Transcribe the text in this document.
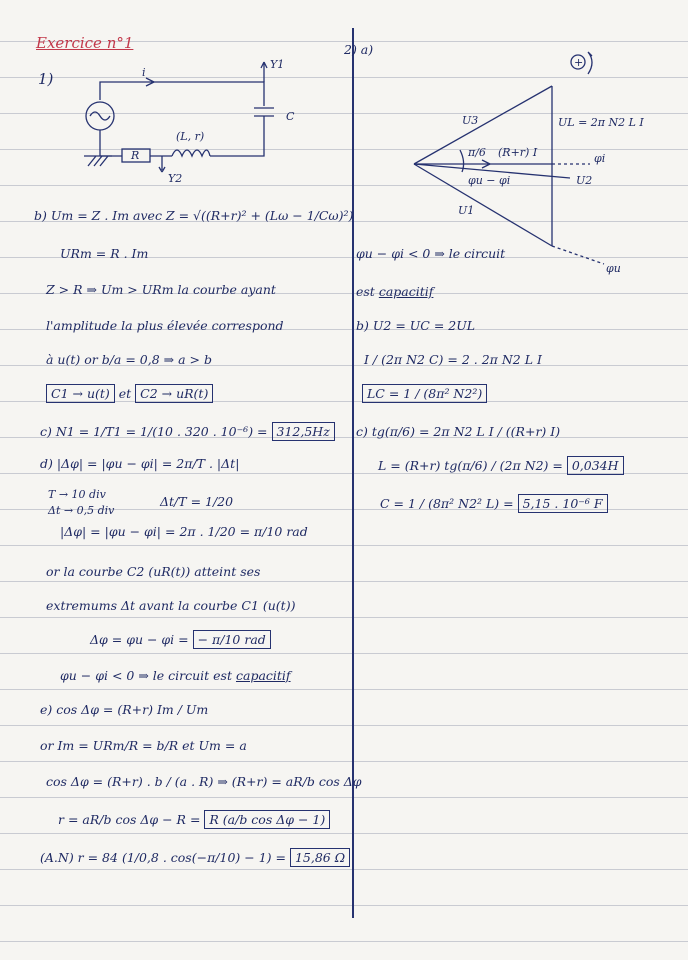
Exercice n°1
1)	i
Y1
Y2
C
R
(L, r)
b) Um = Z . Im avec Z = √((R+r)² + (Lω − 1/Cω)²)
URm = R . Im
Z > R ⇒ Um > URm la courbe ayant
l'amplitude la plus élevée correspond
à u(t) or b/a = 0,8 ⇒ a > b
C1 → u(t) et C2 → uR(t)
c) N1 = 1/T1 = 1/(10 . 320 . 10⁻⁶) = 312,5Hz
d) |Δφ| = |φu − φi| = 2π/T . |Δt|
T → 10 div
Δt → 0,5 div
Δt/T = 1/20
|Δφ| = |φu − φi| = 2π . 1/20 = π/10 rad
or la courbe C2 (uR(t)) atteint ses
extremums Δt avant la courbe C1 (u(t))
Δφ = φu − φi = − π/10 rad
φu − φi < 0 ⇒ le circuit est capacitif
e) cos Δφ = (R+r) Im / Um
or Im = URm/R = b/R et Um = a
cos Δφ = (R+r) . b / (a . R) ⇒ (R+r) = aR/b cos Δφ
r = aR/b cos Δφ − R = R (a/b cos Δφ − 1)
(A.N) r = 84 (1/0,8 . cos(−π/10) − 1) = 15,86 Ω
2) a)
+
U3	UL = 2π N2 L I
π/6 (R+r) I	φi
U2
φu − φi
U1
φu
φu − φi < 0 ⇒ le circuit
est capacitif
b) U2 = UC = 2UL
I / (2π N2 C) = 2 . 2π N2 L I
LC = 1 / (8π² N2²)
c) tg(π/6) = 2π N2 L I / ((R+r) I)
L = (R+r) tg(π/6) / (2π N2) = 0,034H
C = 1 / (8π² N2² L) = 5,15 . 10⁻⁶ F
